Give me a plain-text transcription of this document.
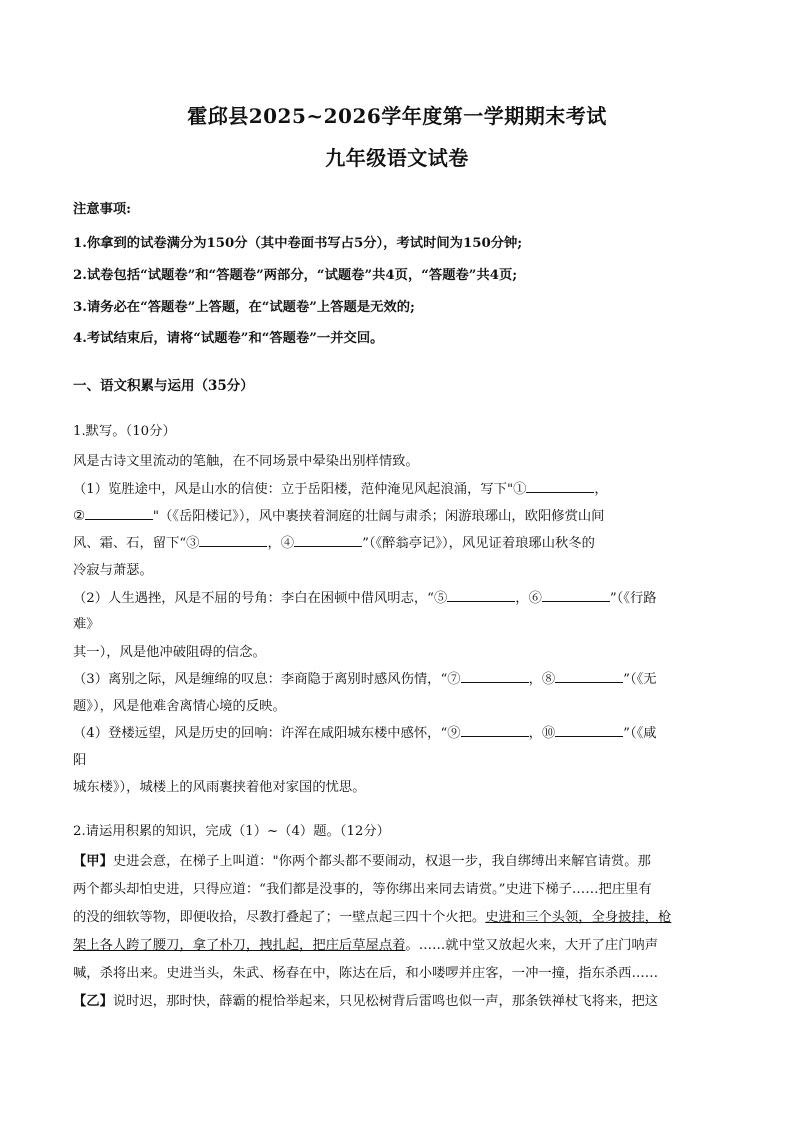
霍邱县2025~2026学年度第一学期期末考试
九年级语文试卷
注意事项:
1.你拿到的试卷满分为150分（其中卷面书写占5分），考试时间为150分钟;
2.试卷包括“试题卷”和“答题卷”两部分，“试题卷”共4页，“答题卷”共4页;
3.请务必在“答题卷”上答题，在“试题卷”上答题是无效的;
4.考试结束后，请将“试题卷”和“答题卷”一并交回。
一、语文积累与运用（35分）
1.默写。（10分）
风是古诗文里流动的笔触，在不同场景中晕染出别样情致。
（1）览胜途中，风是山水的信使：立于岳阳楼，范仲淹见风起浪涌，写下"①	，
②	"（《岳阳楼记》），风中裹挟着洞庭的壮阔与肃杀；闲游琅琊山，欧阳修赏山间
风、霜、石，留下“③	，④	”（《醉翁亭记》），风见证着琅琊山秋冬的
冷寂与萧瑟。
（2）人生遇挫，风是不屈的号角：李白在困顿中借风明志，“⑤	，⑥	”（《行路
难》
其一），风是他冲破阻碍的信念。
（3）离别之际，风是缠绵的叹息：李商隐于离别时感风伤情，“⑦	，⑧	”（《无
题》），风是他难舍离情心境的反映。
（4）登楼远望，风是历史的回响：许浑在咸阳城东楼中感怀，“⑨	，⑩	”（《咸
阳
城东楼》），城楼上的风雨裹挟着他对家国的忧思。
2.请运用积累的知识，完成（1）~（4）题。（12分）
【甲】史进会意，在梯子上叫道："你两个都头都不要闹动，权退一步，我自绑缚出来解官请赏。那
两个都头却怕史进，只得应道：“我们都是没事的，等你绑出来同去请赏。”史进下梯子……把庄里有
的没的细软等物，即便收拾，尽教打叠起了；一壁点起三四十个火把。史进和三个头领，全身披挂，枪
架上各人跨了腰刀，拿了朴刀，拽扎起，把庄后草屋点着。……就中堂又放起火来，大开了庄门呐声
喊，杀将出来。史进当头，朱武、杨春在中，陈达在后，和小喽啰并庄客，一冲一撞，指东杀西……
【乙】说时迟，那时快，薛霸的棍恰举起来，只见松树背后雷鸣也似一声，那条铁禅杖飞将来，把这
